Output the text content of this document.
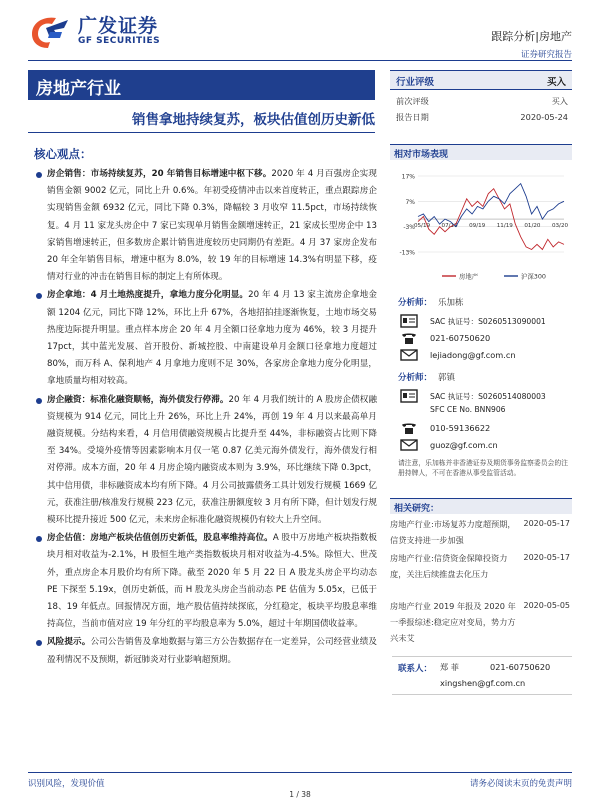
广发证券
GF SECURITIES	跟踪分析|房地产
证券研究报告
房地产行业
销售拿地持续复苏，板块估值创历史新低
核心观点：
房企销售：市场持续复苏，20 年销售目标增速中枢下移。2020 年 4 月百强房企实现销售金额 9002 亿元，同比上升 0.6%。年初受疫情冲击以来首度转正，重点跟踪房企实现销售金额 6932 亿元，同比下降 0.3%，降幅较 3 月收窄 11.5pct，市场持续恢复。4 月 11 家龙头房企中 7 家已实现单月销售金额增速转正，21 家成长型房企中 13 家销售增速转正，但多数房企累计销售进度较历史同期仍有差距。4 月 37 家房企发布 20 年全年销售目标，增速中枢为 8.0%，较 19 年的目标增速 14.3%有明显下移，疫情对行业的冲击在销售目标的制定上有所体现。
房企拿地：4 月土地热度提升，拿地力度分化明显。20 年 4 月 13 家主流房企拿地金额 1204 亿元，同比下降 12%，环比上升 67%，各地招拍挂逐渐恢复，土地市场交易热度边际提升明显。重点样本房企 20 年 4 月全额口径拿地力度为 46%，较 3 月提升 17pct，其中蓝光发展、首开股份、新城控股、中南建设单月金额口径拿地力度超过 80%，而万科 A、保利地产 4 月拿地力度则不足 30%，各家房企拿地力度分化明显，拿地质量均相对较高。
房企融资：标准化融资顺畅，海外债发行停滞。20 年 4 月我们统计的 A 股房企债权融资规模为 914 亿元，同比上升 26%，环比上升 24%，再创 19 年 4 月以来最高单月融资规模。分结构来看，4 月信用债融资规模占比提升至 44%，非标融资占比则下降至 34%。受境外疫情等因素影响本月仅一笔 0.87 亿美元海外债发行，海外债发行相对停滞。成本方面，20 年 4 月房企境内融资成本则为 3.9%，环比继续下降 0.3pct，其中信用债，非标融资成本均有所下降。4 月公司披露债务工具计划发行规模 1669 亿元，获准注册/核准发行规模 223 亿元，获准注册额度较 3 月有所下降，但计划发行规模环比提升接近 500 亿元，未来房企标准化融资规模仍有较大上升空间。
房企估值：房地产板块估值创历史新低，股息率维持高位。A 股中万房地产板块指数板块月相对收益为-2.1%，H 股恒生地产类指数板块月相对收益为-4.5%。除恒大、世茂外，重点房企本月股价均有所下降。截至 2020 年 5 月 22 日 A 股龙头房企平均动态 PE 下探至 5.19x，创历史新低，而 H 股龙头房企当前动态 PE 估值为 5.05x，已低于 18、19 年低点。回报情况方面，地产股估值持续探底，分红稳定，板块平均股息率维持高位，当前市值对应 19 年分红的平均股息率为 5.0%，超过十年期国债收益率。
风险提示。公司公告销售及拿地数据与第三方公告数据存在一定差异，公司经营业绩及盈利情况不及预期，新冠肺炎对行业影响超预期。
行业评级	买入
前次评级	买入
报告日期	2020-05-24
相对市场表现
17%
7%
-3%
-13%
05/19 07/19 09/19 11/19 01/20 03/20
房地产	沪深300
分析师： 乐加栋
SAC 执证号：S0260513090001
021-60750620
lejiadong@gf.com.cn
分析师： 郭镇
SAC 执证号：S0260514080003
SFC CE No. BNN906
010-59136622
guoz@gf.com.cn
请注意，乐加栋并非香港证券及期货事务监察委员会的注册持牌人，不可在香港从事受监管活动。
相关研究：
房地产行业:市场复苏力度超预期，信贷支持进一步加强
2020-05-17
房地产行业:信贷资金保障投资力度，关注后续推盘去化压力
2020-05-17
房地产行业 2019 年报及 2020 年一季报综述:稳定应对变局，势力方兴未艾
2020-05-05
联系人： 郑 菲	021-60750620
xingshen@gf.com.cn
识别风险，发现价值	请务必阅读末页的免责声明
1 / 38
